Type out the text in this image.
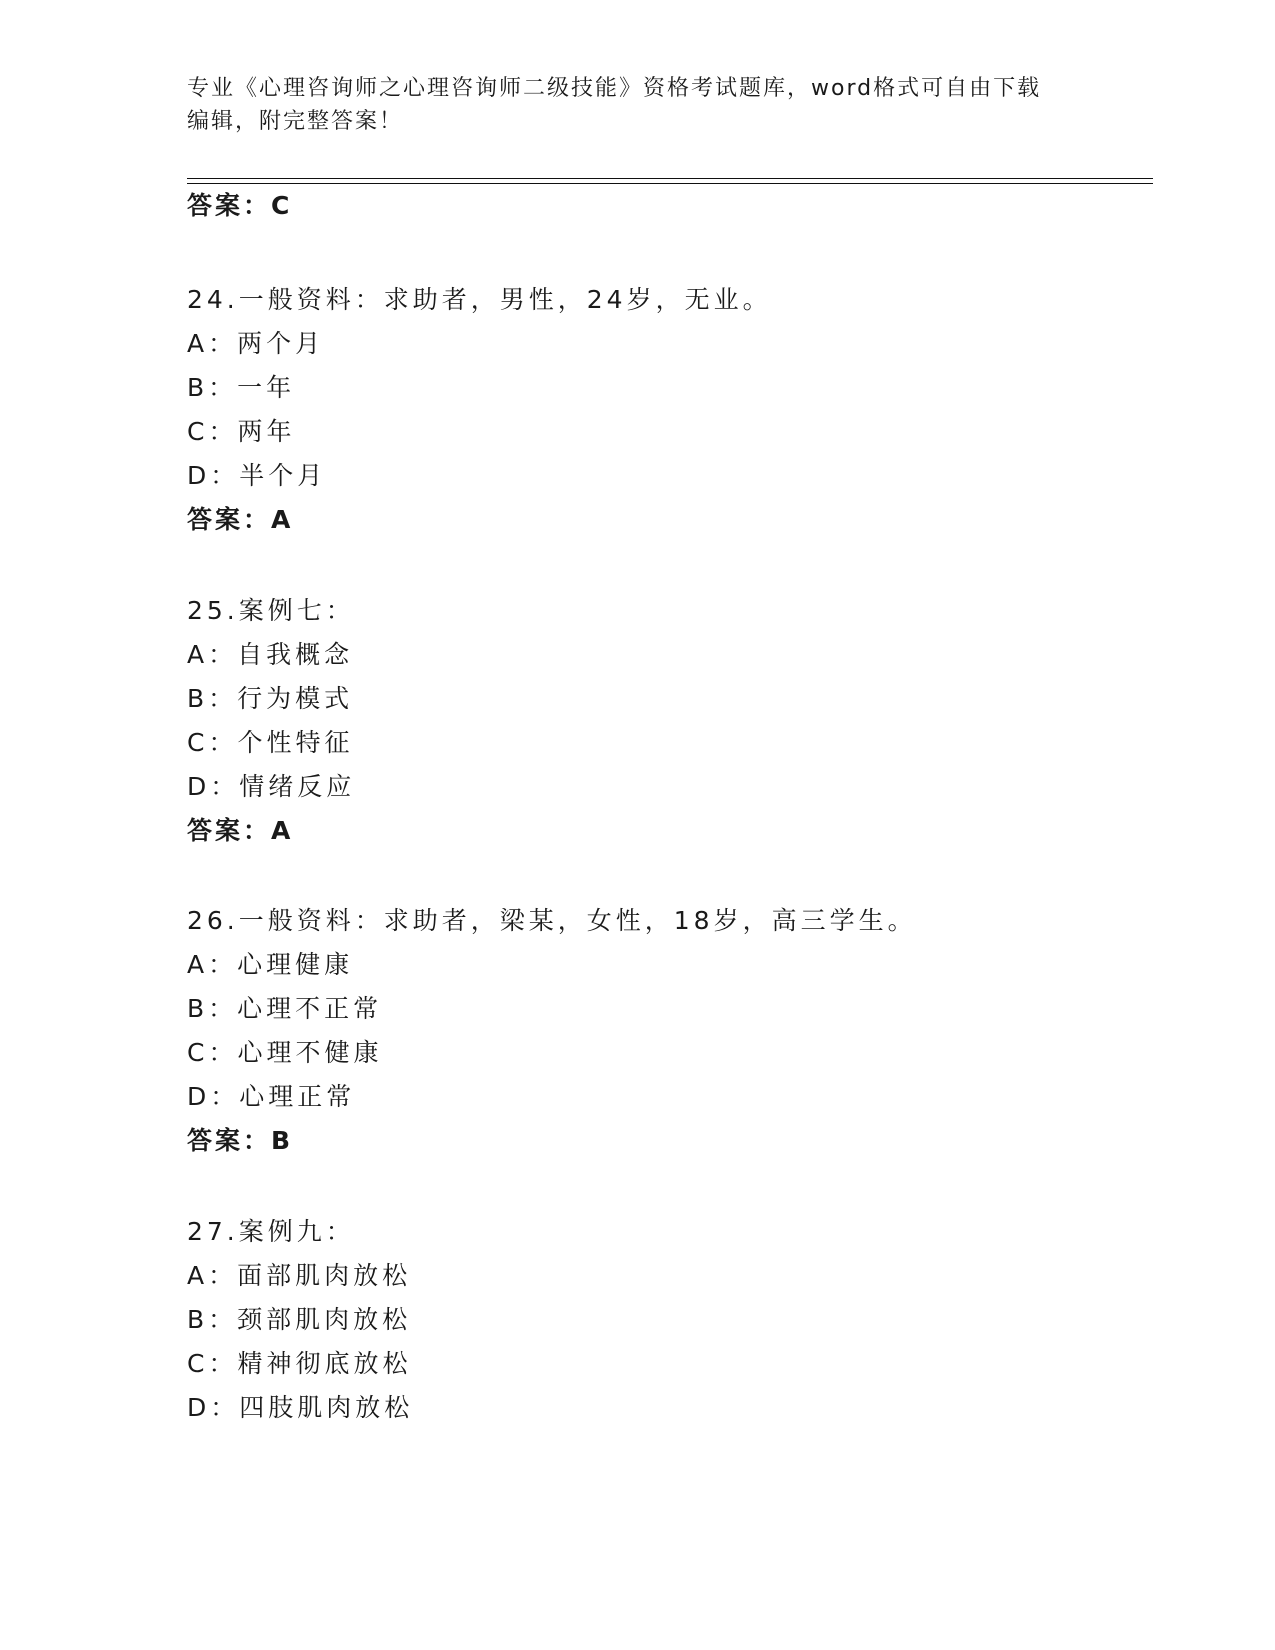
专业《心理咨询师之心理咨询师二级技能》资格考试题库，word格式可自由下载
编辑，附完整答案！
答案：C
24.一般资料：求助者，男性，24岁，无业。
A：两个月
B：一年
C：两年
D：半个月
答案：A
25.案例七：
A：自我概念
B：行为模式
C：个性特征
D：情绪反应
答案：A
26.一般资料：求助者，梁某，女性，18岁，高三学生。
A：心理健康
B：心理不正常
C：心理不健康
D：心理正常
答案：B
27.案例九：
A：面部肌肉放松
B：颈部肌肉放松
C：精神彻底放松
D：四肢肌肉放松
